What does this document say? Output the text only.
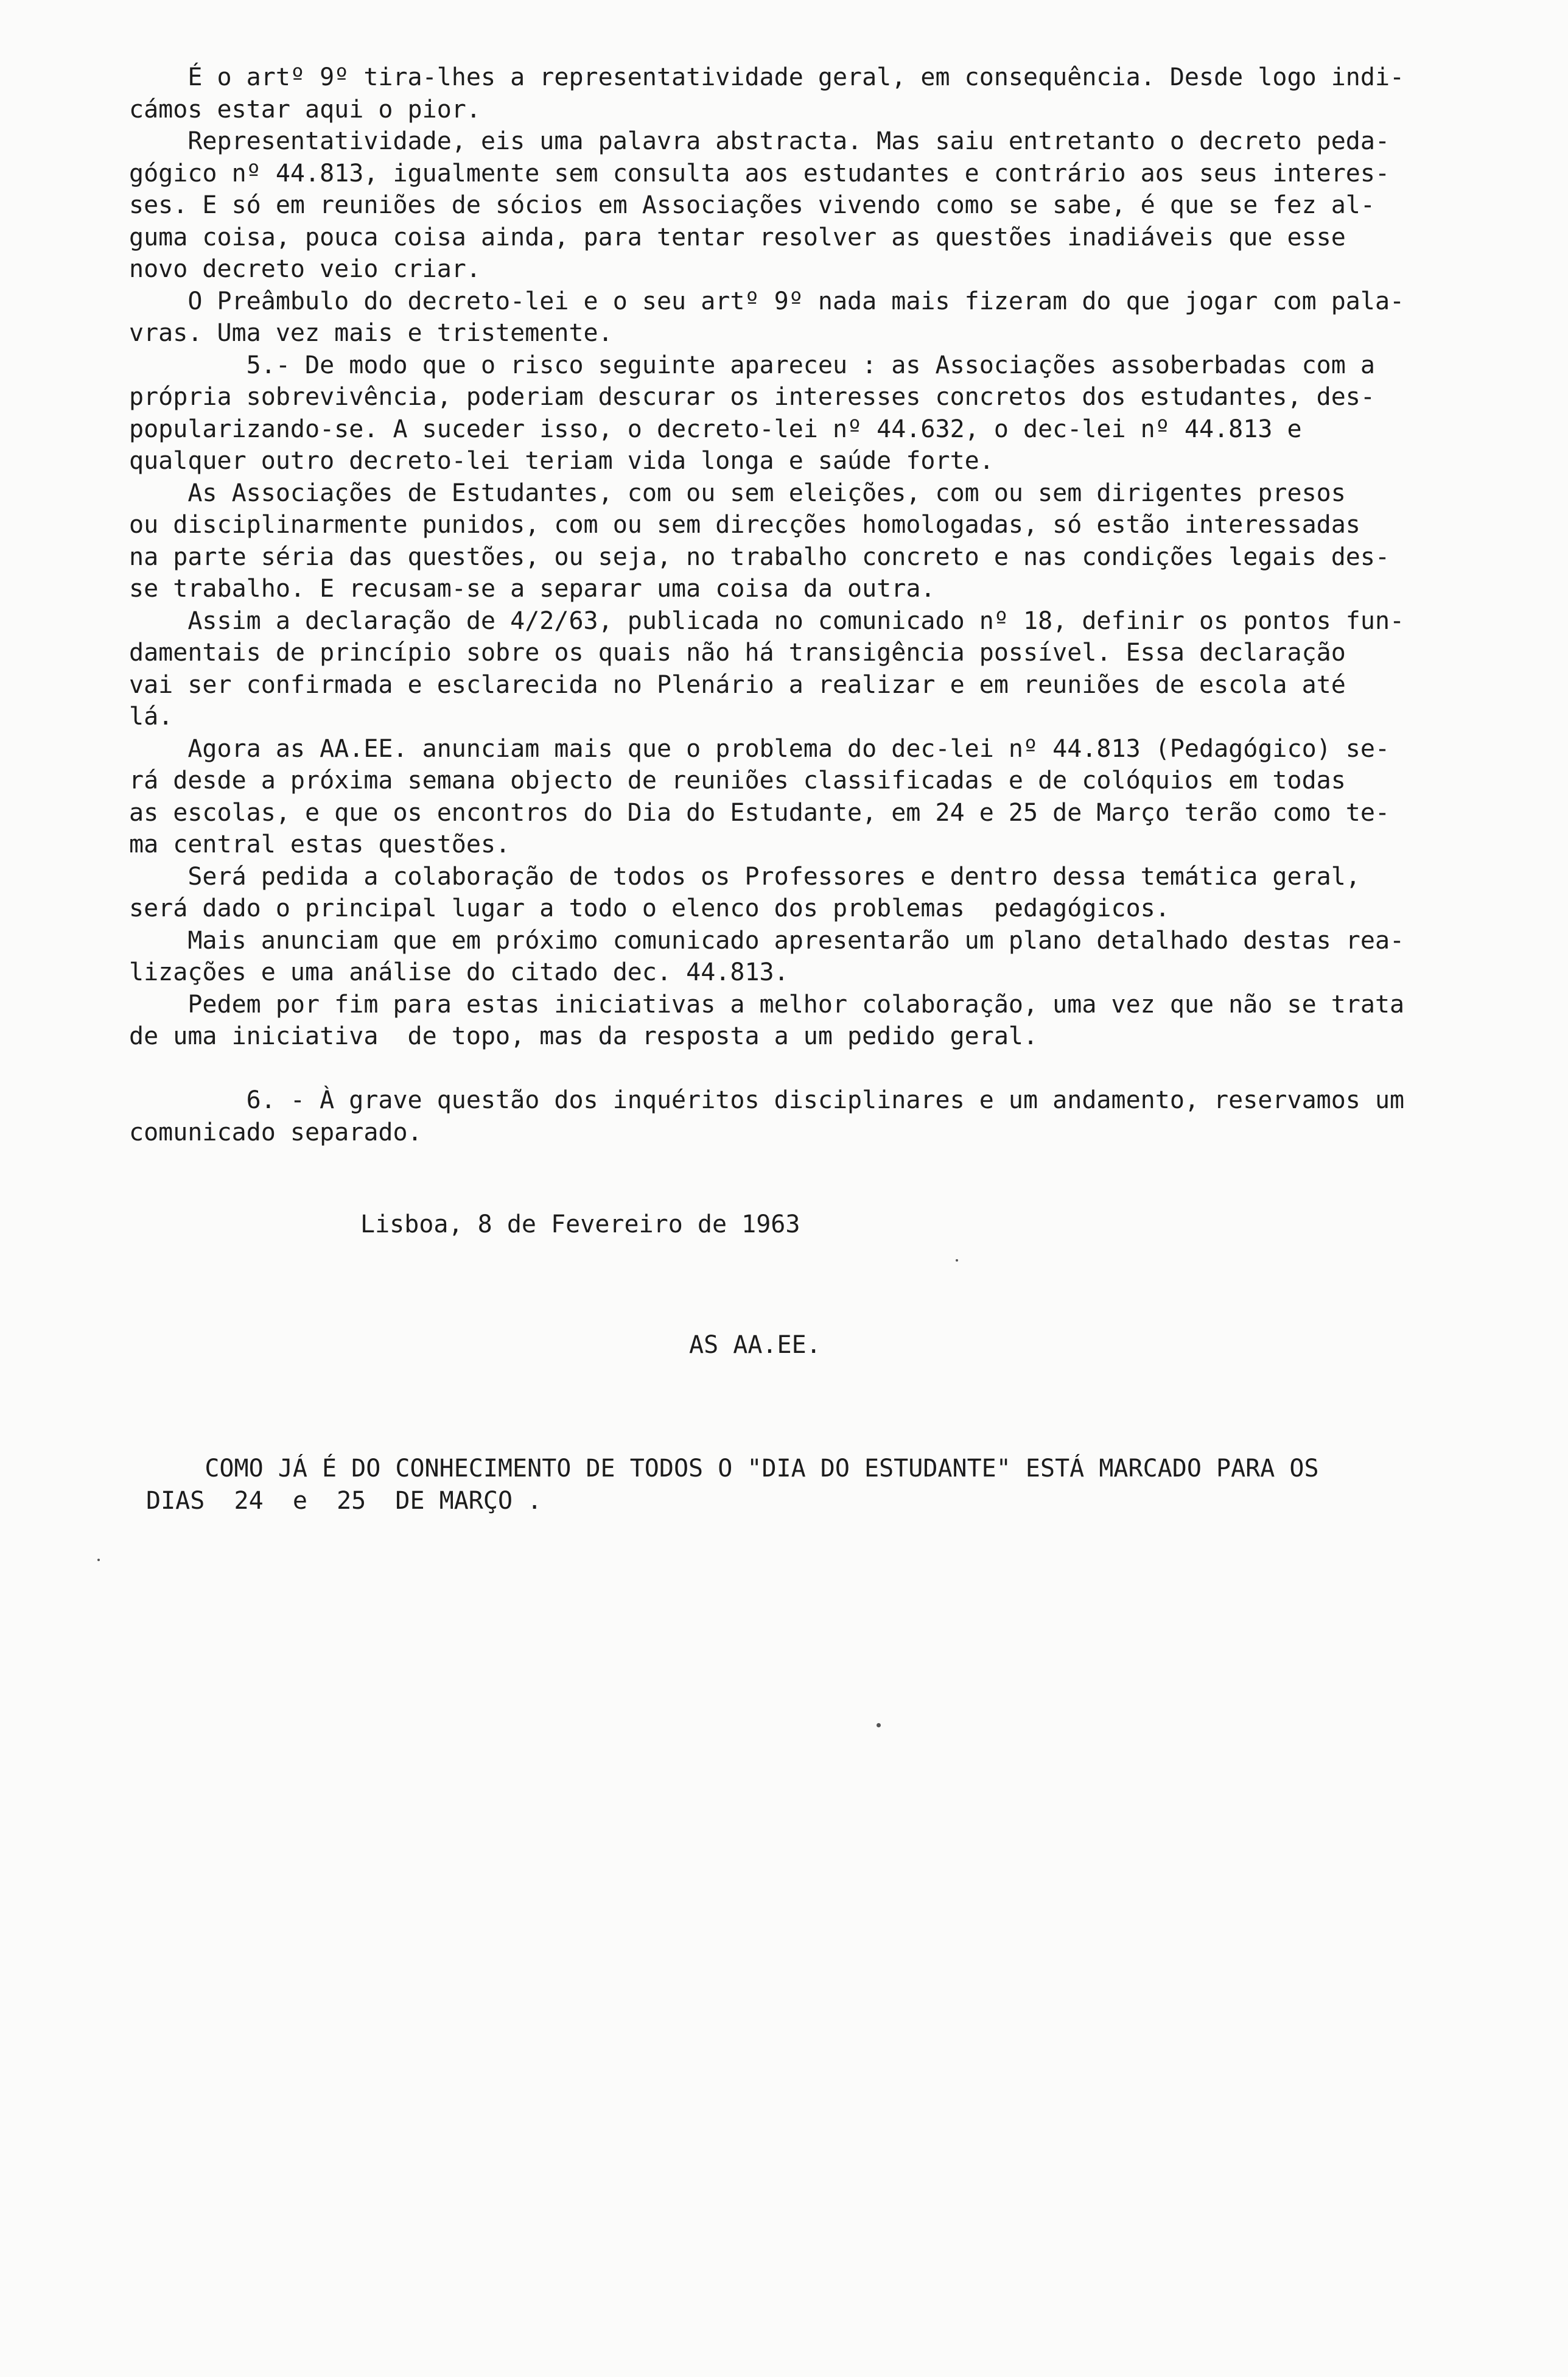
É o artº 9º tira-lhes a representatividade geral, em consequência. Desde logo indi-

cámos estar aqui o pior.

Representatividade, eis uma palavra abstracta. Mas saiu entretanto o decreto peda-

gógico nº 44.813, igualmente sem consulta aos estudantes e contrário aos seus interes-

ses. E só em reuniões de sócios em Associações vivendo como se sabe, é que se fez al-

guma coisa, pouca coisa ainda, para tentar resolver as questões inadiáveis que esse

novo decreto veio criar.

O Preâmbulo do decreto-lei e o seu artº 9º nada mais fizeram do que jogar com pala-

vras. Uma vez mais e tristemente.

5.- De modo que o risco seguinte apareceu : as Associações assoberbadas com a

própria sobrevivência, poderiam descurar os interesses concretos dos estudantes, des-

popularizando-se. A suceder isso, o decreto-lei nº 44.632, o dec-lei nº 44.813 e

qualquer outro decreto-lei teriam vida longa e saúde forte.

As Associações de Estudantes, com ou sem eleições, com ou sem dirigentes presos

ou disciplinarmente punidos, com ou sem direcções homologadas, só estão interessadas

na parte séria das questões, ou seja, no trabalho concreto e nas condições legais des-

se trabalho. E recusam-se a separar uma coisa da outra.

Assim a declaração de 4/2/63, publicada no comunicado nº 18, definir os pontos fun-

damentais de princípio sobre os quais não há transigência possível. Essa declaração

vai ser confirmada e esclarecida no Plenário a realizar e em reuniões de escola até

lá.

Agora as AA.EE. anunciam mais que o problema do dec-lei nº 44.813 (Pedagógico) se-

rá desde a próxima semana objecto de reuniões classificadas e de colóquios em todas

as escolas, e que os encontros do Dia do Estudante, em 24 e 25 de Março terão como te-

ma central estas questões.

Será pedida a colaboração de todos os Professores e dentro dessa temática geral,

será dado o principal lugar a todo o elenco dos problemas  pedagógicos.

Mais anunciam que em próximo comunicado apresentarão um plano detalhado destas rea-

lizações e uma análise do citado dec. 44.813.

Pedem por fim para estas iniciativas a melhor colaboração, uma vez que não se trata

de uma iniciativa  de topo, mas da resposta a um pedido geral.

6. - À grave questão dos inquéritos disciplinares e um andamento, reservamos um

comunicado separado.

Lisboa, 8 de Fevereiro de 1963

AS AA.EE.

COMO JÁ É DO CONHECIMENTO DE TODOS O "DIA DO ESTUDANTE" ESTÁ MARCADO PARA OS

DIAS  24  e  25  DE MARÇO .
